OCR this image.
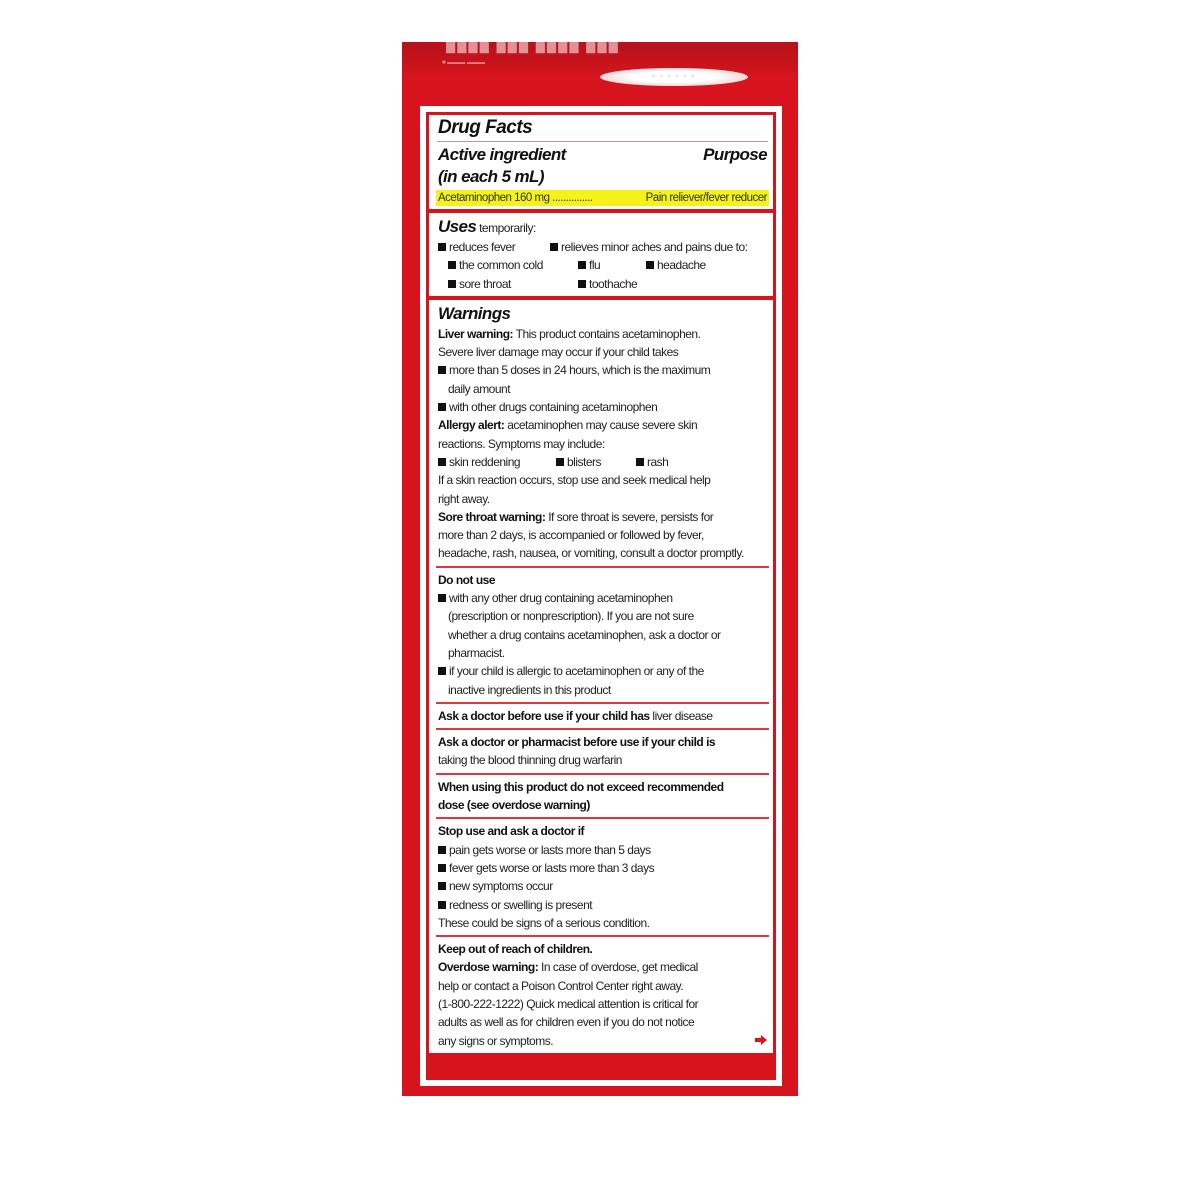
████ ███ ████ ███
■ ▬▬▬ ▬▬▬
▪ ▪ ▪ ▪ ▪ ▪
Drug Facts
Active ingredient
(in each 5 mL)
Purpose
Acetaminophen 160 mg ...............	Pain reliever/fever reducer
Uses temporarily:
reduces fever	relieves minor aches and pains due to:
the common cold	flu	headache
sore throat	toothache
Warnings
Liver warning: This product contains acetaminophen.
Severe liver damage may occur if your child takes
more than 5 doses in 24 hours, which is the maximum
daily amount
with other drugs containing acetaminophen
Allergy alert: acetaminophen may cause severe skin
reactions. Symptoms may include:
skin reddening	blisters	rash
If a skin reaction occurs, stop use and seek medical help
right away.
Sore throat warning: If sore throat is severe, persists for
more than 2 days, is accompanied or followed by fever,
headache, rash, nausea, or vomiting, consult a doctor promptly.
Do not use
with any other drug containing acetaminophen
(prescription or nonprescription). If you are not sure
whether a drug contains acetaminophen, ask a doctor or
pharmacist.
if your child is allergic to acetaminophen or any of the
inactive ingredients in this product
Ask a doctor before use if your child has liver disease
Ask a doctor or pharmacist before use if your child is
taking the blood thinning drug warfarin
When using this product do not exceed recommended
dose (see overdose warning)
Stop use and ask a doctor if
pain gets worse or lasts more than 5 days
fever gets worse or lasts more than 3 days
new symptoms occur
redness or swelling is present
These could be signs of a serious condition.
Keep out of reach of children.
Overdose warning: In case of overdose, get medical
help or contact a Poison Control Center right away.
(1-800-222-1222) Quick medical attention is critical for
adults as well as for children even if you do not notice
any signs or symptoms.
